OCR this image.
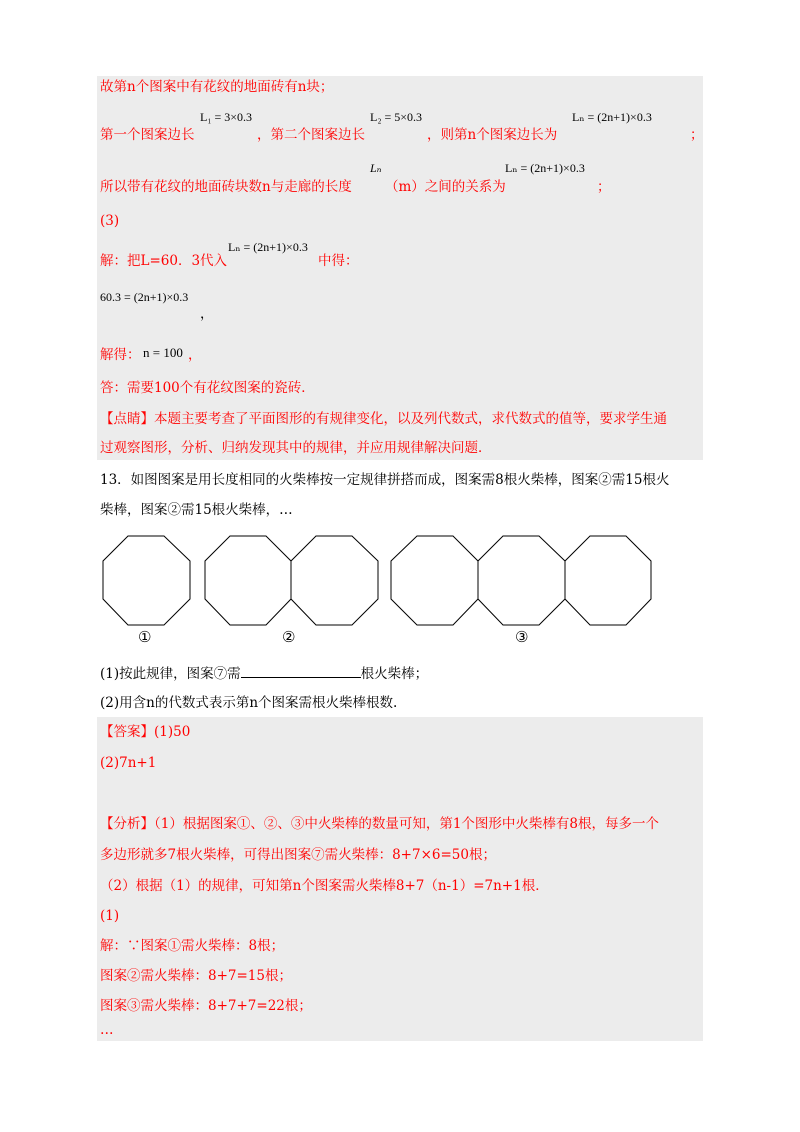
故第n个图案中有花纹的地面砖有n块；
第一个图案边长
L₁ = 3×0.3
，第二个图案边长
L₂ = 5×0.3
，则第n个图案边长为
Lₙ = (2n+1)×0.3
；
所以带有花纹的地面砖块数n与走廊的长度
Lₙ
（m）之间的关系为
Lₙ = (2n+1)×0.3
；
(3)
解：把L=60．3代入
Lₙ = (2n+1)×0.3
中得：
60.3 = (2n+1)×0.3
，
解得： n = 100 ，
答：需要100个有花纹图案的瓷砖．
【点睛】本题主要考查了平面图形的有规律变化，以及列代数式，求代数式的值等，要求学生通
过观察图形，分析、归纳发现其中的规律，并应用规律解决问题．
13．如图图案是用长度相同的火柴棒按一定规律拼搭而成，图案需8根火柴棒，图案②需15根火
柴棒，图案②需15根火柴棒，…
①	②	③
(1)按此规律，图案⑦需	根火柴棒；
(2)用含n的代数式表示第n个图案需根火柴棒根数.
【答案】(1)50
(2)7n+1
【分析】（1）根据图案①、②、③中火柴棒的数量可知，第1个图形中火柴棒有8根，每多一个
多边形就多7根火柴棒，可得出图案⑦需火柴棒：8+7×6=50根；
（2）根据（1）的规律，可知第n个图案需火柴棒8+7（n-1）=7n+1根．
(1)
解：∵图案①需火柴棒：8根；
图案②需火柴棒：8+7=15根；
图案③需火柴棒：8+7+7=22根；
…
